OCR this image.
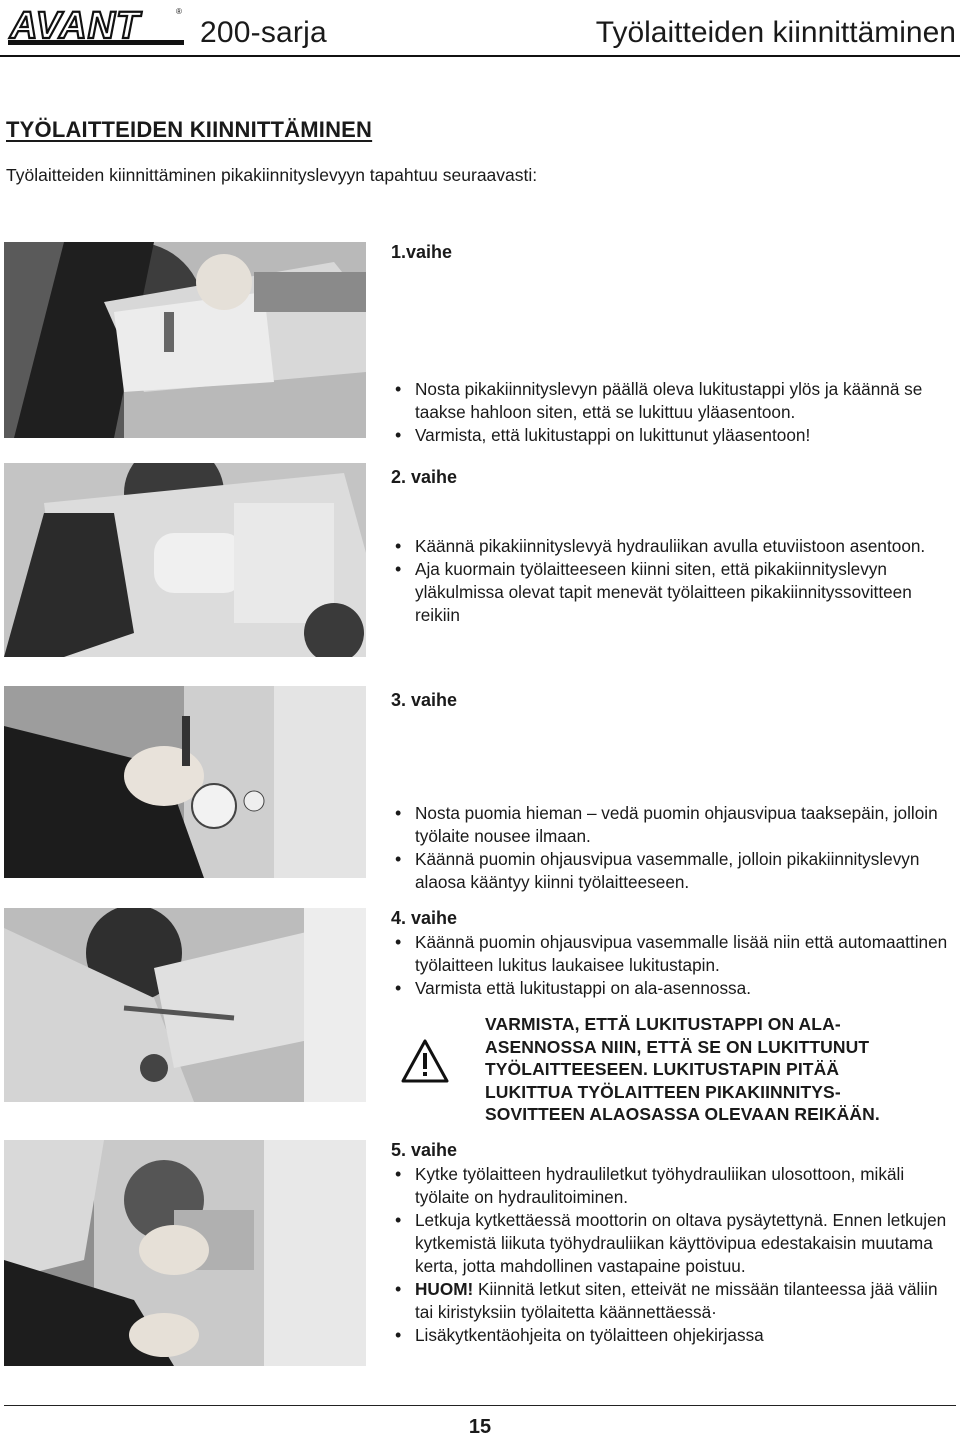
AVANT	®
200-sarja	Työlaitteiden kiinnittäminen
TYÖLAITTEIDEN KIINNITTÄMINEN
Työlaitteiden kiinnittäminen pikakiinnityslevyyn tapahtuu seuraavasti:
1.vaihe
• Nosta pikakiinnityslevyn päällä oleva lukitustappi ylös ja käännä se taakse hahloon siten, että se lukittuu yläasentoon.
• Varmista, että lukitustappi on lukittunut yläasentoon!
2. vaihe
• Käännä pikakiinnityslevyä hydrauliikan avulla etuviistoon asentoon.
• Aja kuormain työlaitteeseen kiinni siten, että pikakiinnityslevyn yläkulmissa olevat tapit menevät työlaitteen pikakiinnityssovitteen reikiin
3. vaihe
• Nosta puomia hieman – vedä puomin ohjausvipua taaksepäin, jolloin työlaite nousee ilmaan.
• Käännä puomin ohjausvipua vasemmalle, jolloin pikakiinnityslevyn alaosa kääntyy kiinni työlaitteeseen.
4. vaihe
• Käännä puomin ohjausvipua vasemmalle lisää niin että automaattinen työlaitteen lukitus laukaisee lukitustapin.
• Varmista että lukitustappi on ala-asennossa.
VARMISTA, ETTÄ LUKITUSTAPPI ON ALA-
ASENNOSSA NIIN, ETTÄ SE ON LUKITTUNUT
TYÖLAITTEESEEN. LUKITUSTAPIN PITÄÄ
LUKITTUA TYÖLAITTEEN PIKAKIINNITYS-
SOVITTEEN ALAOSASSA OLEVAAN REIKÄÄN.
5. vaihe
• Kytke työlaitteen hydrauliletkut työhydrauliikan ulosottoon, mikäli työlaite on hydraulitoiminen.
• Letkuja kytkettäessä moottorin on oltava pysäytettynä. Ennen letkujen kytkemistä liikuta työhydrauliikan käyttövipua edestakaisin muutama kerta, jotta mahdollinen vastapaine poistuu.
• HUOM! Kiinnitä letkut siten, etteivät ne missään tilanteessa jää väliin tai kiristyksiin työlaitetta käännettäessä·
• Lisäkytkentäohjeita on työlaitteen ohjekirjassa
15
